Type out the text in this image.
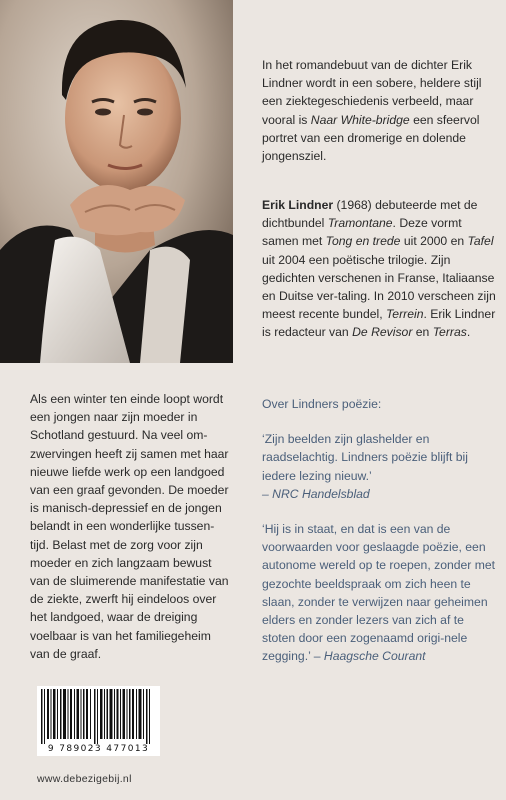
In het romandebuut van de dichter Erik Lindner wordt in een sobere, heldere stijl een ziektegeschiedenis verbeeld, maar vooral is Naar White-bridge een sfeervol portret van een dromerige en dolende jongensziel.

Erik Lindner (1968) debuteerde met de dichtbundel Tramontane. Deze vormt samen met Tong en trede uit 2000 en Tafel uit 2004 een poëtische trilogie. Zijn gedichten verschenen in Franse, Italiaanse en Duitse ver-taling. In 2010 verscheen zijn meest recente bundel, Terrein. Erik Lindner is redacteur van De Revisor en Terras.

Als een winter ten einde loopt wordt een jongen naar zijn moeder in Schotland gestuurd. Na veel om-zwervingen heeft zij samen met haar nieuwe liefde werk op een landgoed van een graaf gevonden. De moeder is manisch-depressief en de jongen belandt in een wonderlijke tussen-tijd. Belast met de zorg voor zijn moeder en zich langzaam bewust van de sluimerende manifestatie van de ziekte, zwerft hij eindeloos over het landgoed, waar de dreiging voelbaar is van het familiegeheim van de graaf.

Over Lindners poëzie:

‘Zijn beelden zijn glashelder en raadselachtig. Lindners poëzie blijft bij iedere lezing nieuw.’
– NRC Handelsblad

‘Hij is in staat, en dat is een van de voorwaarden voor geslaagde poëzie, een autonome wereld op te roepen, zonder met gezochte beeldspraak om zich heen te slaan, zonder te verwijzen naar geheimen elders en zonder lezers van zich af te stoten door een zogenaamd origi-nele zegging.’ – Haagsche Courant

9 789023 477013
www.debezigebij.nl
